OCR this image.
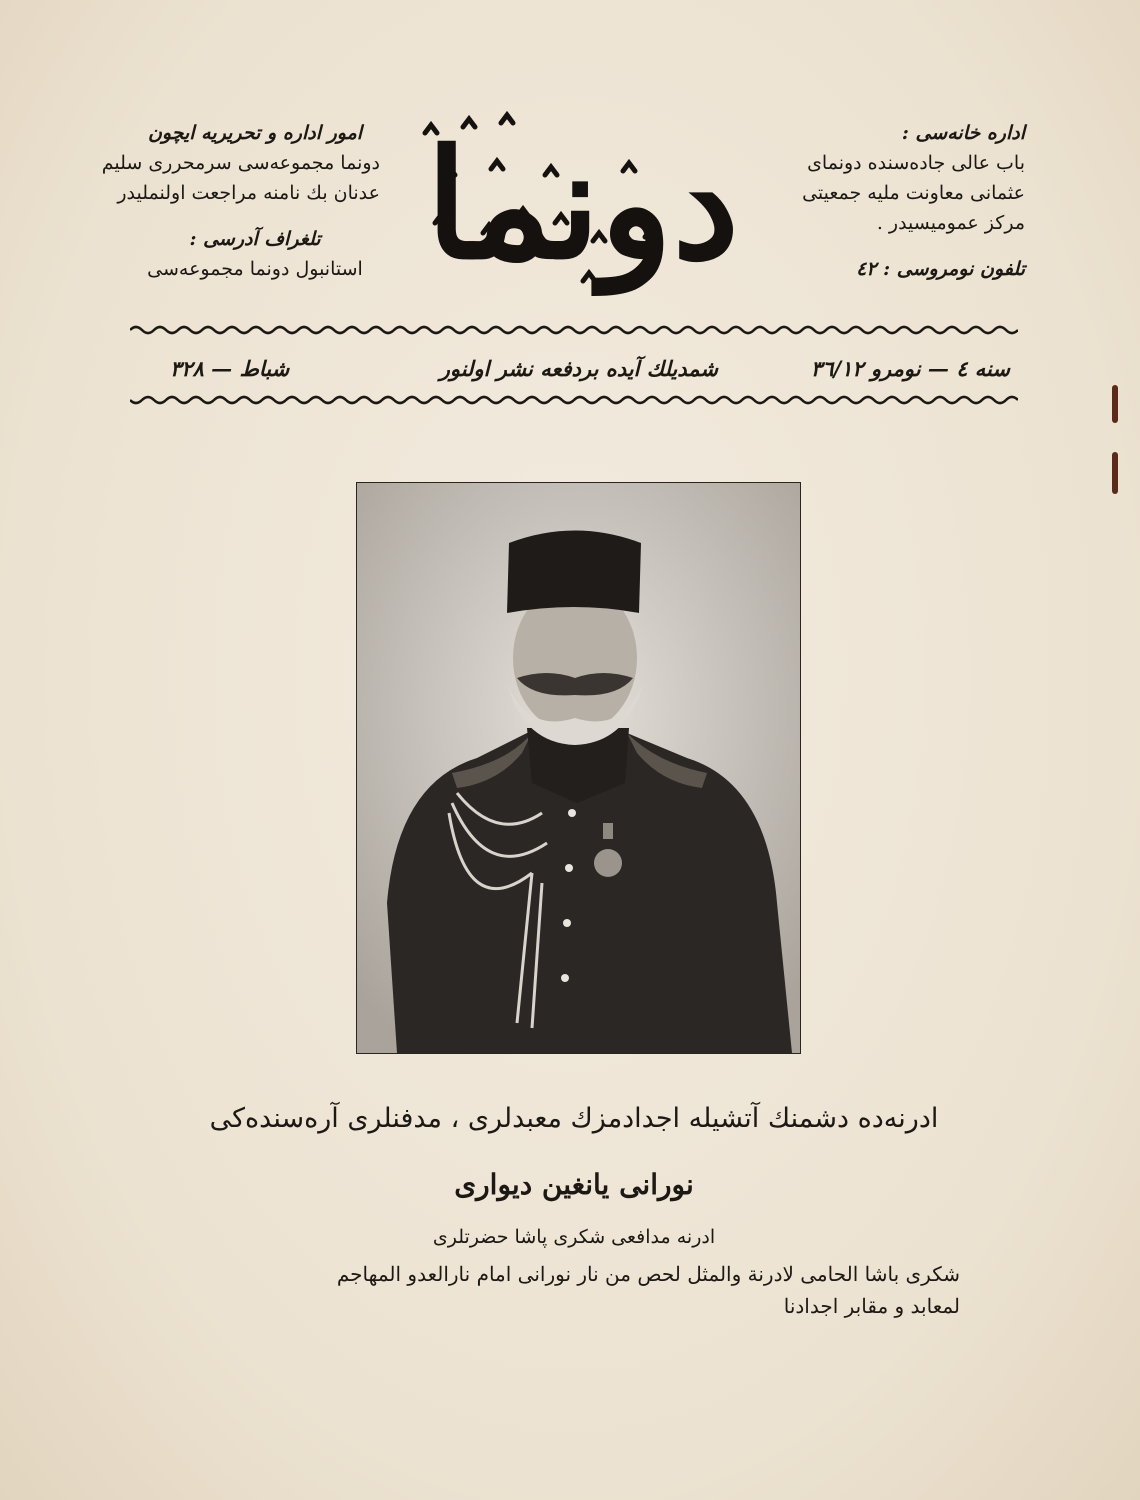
امور اداره و تحریریه ایچون
دونما مجموعه‌سی سرمحرری سلیم
عدنان بك نامنه مراجعت اولنمليدر
تلغراف آدرسی :
استانبول دونما مجموعه‌سی دونما	اداره خانه‌سی :
باب عالی جاده‌سنده دونمای
عثمانی معاونت ملیه جمعیتی
مرکز عمومیسیدر .
تلفون نومروسی : ٤٢
سنه ٤ — نومرو ٣٦/١٢
شمدیلك آیده بردفعه نشر اولنور
شباط — ٣٢٨
ادرنه‌ده دشمنك آتشيله اجدادمزك معبدلری ، مدفنلری آره‌سنده‌كی
نورانی یانغین دیواری
ادرنه مدافعی شكری پاشا حضرتلری
شكری باشا الحامی لادرنة والمثل لحص من نار نورانی امام نارالعدو المهاجم
لمعابد و مقابر اجدادنا
